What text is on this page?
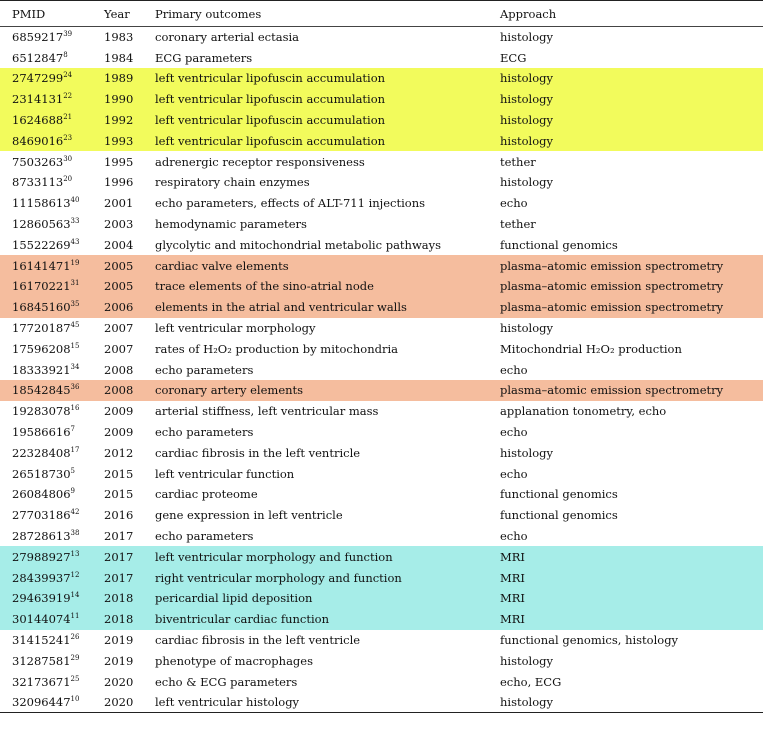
PMID	Year	Primary outcomes	Approach
6859217$^{39}$	1983	coronary arterial ectasia	histology
6512847$^8$	1984	ECG parameters	ECG
2747299$^{24}$	1989	left ventricular lipofuscin accumulation	histology
2314131$^{22}$	1990	left ventricular lipofuscin accumulation	histology
1624688$^{21}$	1992	left ventricular lipofuscin accumulation	histology
8469016$^{23}$	1993	left ventricular lipofuscin accumulation	histology
7503263$^{30}$	1995	adrenergic receptor responsiveness	tether
8733113$^{20}$	1996	respiratory chain enzymes	histology
11158613$^{40}$	2001	echo parameters, effects of ALT-711 injections	echo
12860563$^{33}$	2003	hemodynamic parameters	tether
15522269$^{43}$	2004	glycolytic and mitochondrial metabolic pathways	functional genomics
16141471$^{19}$	2005	cardiac valve elements	plasma–atomic emission spectrometry
16170221$^{31}$	2005	trace elements of the sino-atrial node	plasma–atomic emission spectrometry
16845160$^{35}$	2006	elements in the atrial and ventricular walls	plasma–atomic emission spectrometry
17720187$^{45}$	2007	left ventricular morphology	histology
17596208$^{15}$	2007	rates of H₂O₂ production by mitochondria	Mitochondrial H₂O₂ production
18333921$^{34}$	2008	echo parameters	echo
18542845$^{36}$	2008	coronary artery elements	plasma–atomic emission spectrometry
19283078$^{16}$	2009	arterial stiffness, left ventricular mass	applanation tonometry, echo
19586616$^7$	2009	echo parameters	echo
22328408$^{17}$	2012	cardiac fibrosis in the left ventricle	histology
26518730$^5$	2015	left ventricular function	echo
26084806$^9$	2015	cardiac proteome	functional genomics
27703186$^{42}$	2016	gene expression in left ventricle	functional genomics
28728613$^{38}$	2017	echo parameters	echo
27988927$^{13}$	2017	left ventricular morphology and function	MRI
28439937$^{12}$	2017	right ventricular morphology and function	MRI
29463919$^{14}$	2018	pericardial lipid deposition	MRI
30144074$^{11}$	2018	biventricular cardiac function	MRI
31415241$^{26}$	2019	cardiac fibrosis in the left ventricle	functional genomics, histology
31287581$^{29}$	2019	phenotype of macrophages	histology
32173671$^{25}$	2020	echo & ECG parameters	echo, ECG
32096447$^{10}$	2020	left ventricular histology	histology
